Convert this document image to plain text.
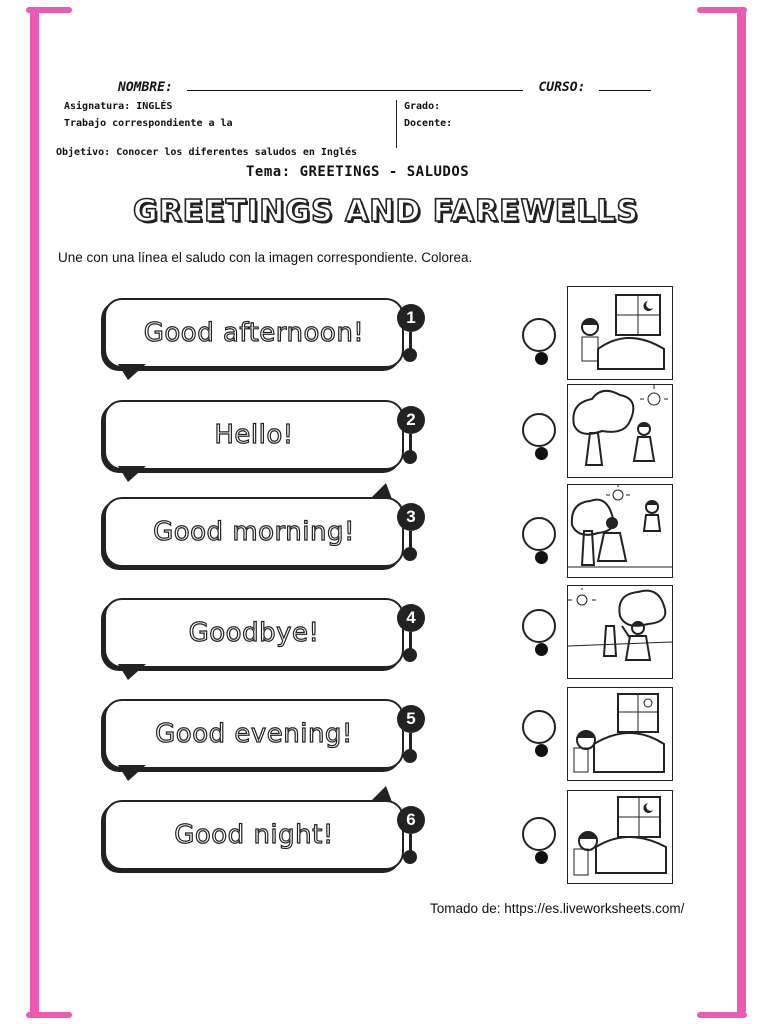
NOMBRE:	CURSO:
Asignatura: INGLÉS
Trabajo correspondiente a la
Grado:
Docente:
Objetivo: Conocer los diferentes saludos en Inglés
Tema: GREETINGS - SALUDOS
GREETINGS AND FAREWELLS
Une con una línea el saludo con la imagen correspondiente. Colorea.
Good afternoon!
1
Hello!
2
Good morning!
3
Goodbye!
4
Good evening!
5
Good night!
6
Tomado de: https://es.liveworksheets.com/
